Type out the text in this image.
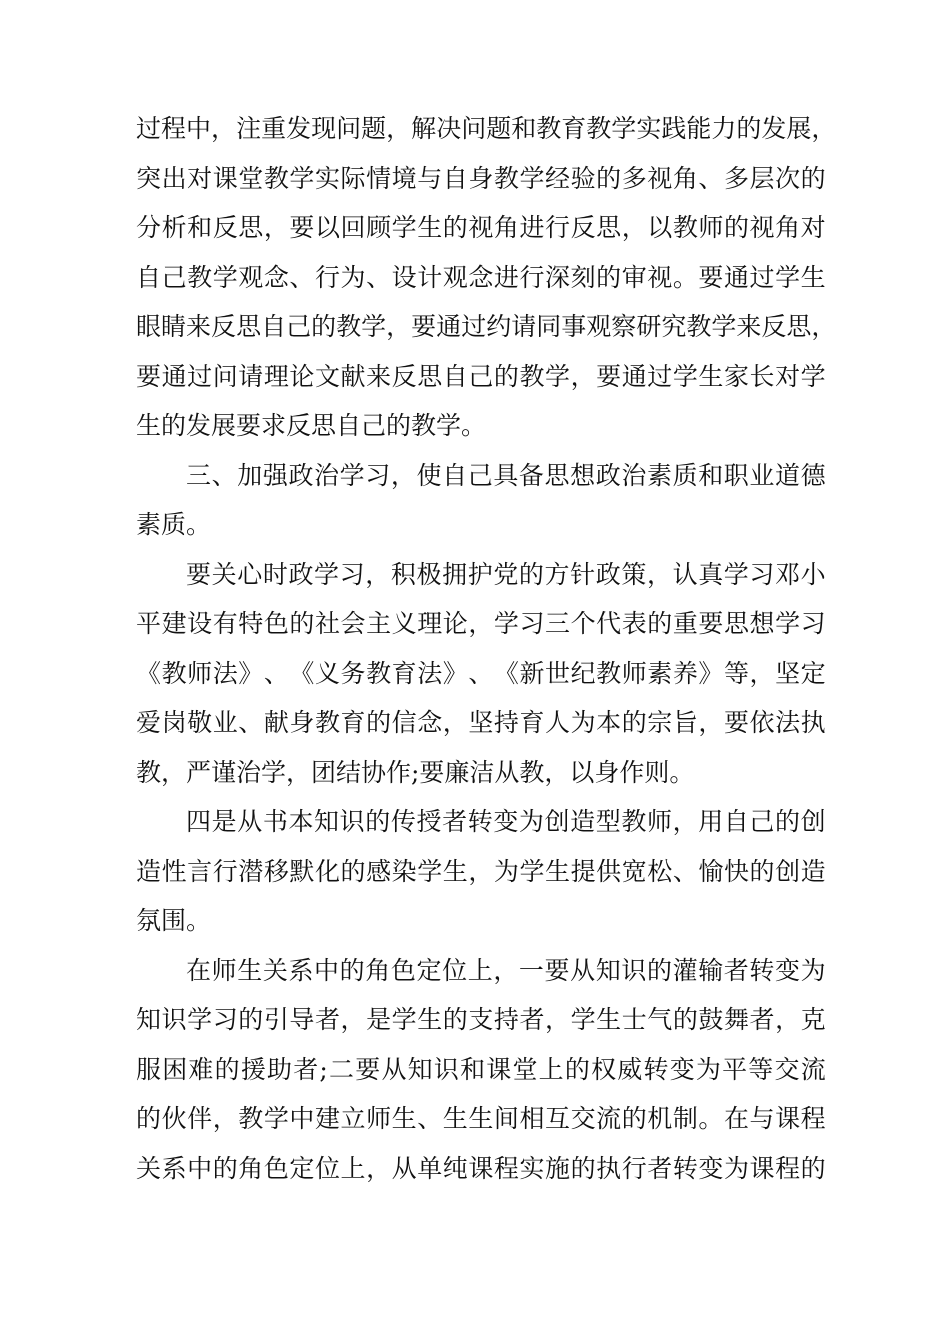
过 程 中 ， 注 重 发 现 问 题 ， 解 决 问 题 和 教 育 教 学 实 践 能 力 的 发 展 ，
突 出 对 课 堂 教 学 实 际 情 境 与 自 身 教 学 经 验 的 多 视 角 、 多 层 次 的
分 析 和 反 思 ， 要 以 回 顾 学 生 的 视 角 进 行 反 思 ， 以 教 师 的 视 角 对
自 己 教 学 观 念 、 行 为 、 设 计 观 念 进 行 深 刻 的 审 视 。 要 通 过 学 生
眼 睛 来 反 思 自 己 的 教 学 ， 要 通 过 约 请 同 事 观 察 研 究 教 学 来 反 思 ，
要 通 过 问 请 理 论 文 献 来 反 思 自 己 的 教 学 ， 要 通 过 学 生 家 长 对 学
生的发展要求反思自己的教学。
三 、 加 强 政 治 学 习 ， 使 自 己 具 备 思 想 政 治 素 质 和 职 业 道 德
素质。
要 关 心 时 政 学 习 ， 积 极 拥 护 党 的 方 针 政 策 ， 认 真 学 习 邓 小
平 建 设 有 特 色 的 社 会 主 义 理 论 ， 学 习 三 个 代 表 的 重 要 思 想 学 习
《 教 师 法 》 、 《 义 务 教 育 法 》 、 《 新 世 纪 教 师 素 养 》 等 ， 坚 定
爱 岗 敬 业 、 献 身 教 育 的 信 念 ， 坚 持 育 人 为 本 的 宗 旨 ， 要 依 法 执
教，严谨治学，团结协作;要廉洁从教，以身作则。
四 是 从 书 本 知 识 的 传 授 者 转 变 为 创 造 型 教 师 ， 用 自 己 的 创
造 性 言 行 潜 移 默 化 的 感 染 学 生 ， 为 学 生 提 供 宽 松 、 愉 快 的 创 造
氛围。
在 师 生 关 系 中 的 角 色 定 位 上 ， 一 要 从 知 识 的 灌 输 者 转 变 为
知 识 学 习 的 引 导 者 ， 是 学 生 的 支 持 者 ， 学 生 士 气 的 鼓 舞 者 ， 克
服 困 难 的 援 助 者 ; 二 要 从 知 识 和 课 堂 上 的 权 威 转 变 为 平 等 交 流
的 伙 伴 ， 教 学 中 建 立 师 生 、 生 生 间 相 互 交 流 的 机 制 。 在 与 课 程
关 系 中 的 角 色 定 位 上 ， 从 单 纯 课 程 实 施 的 执 行 者 转 变 为 课 程 的
